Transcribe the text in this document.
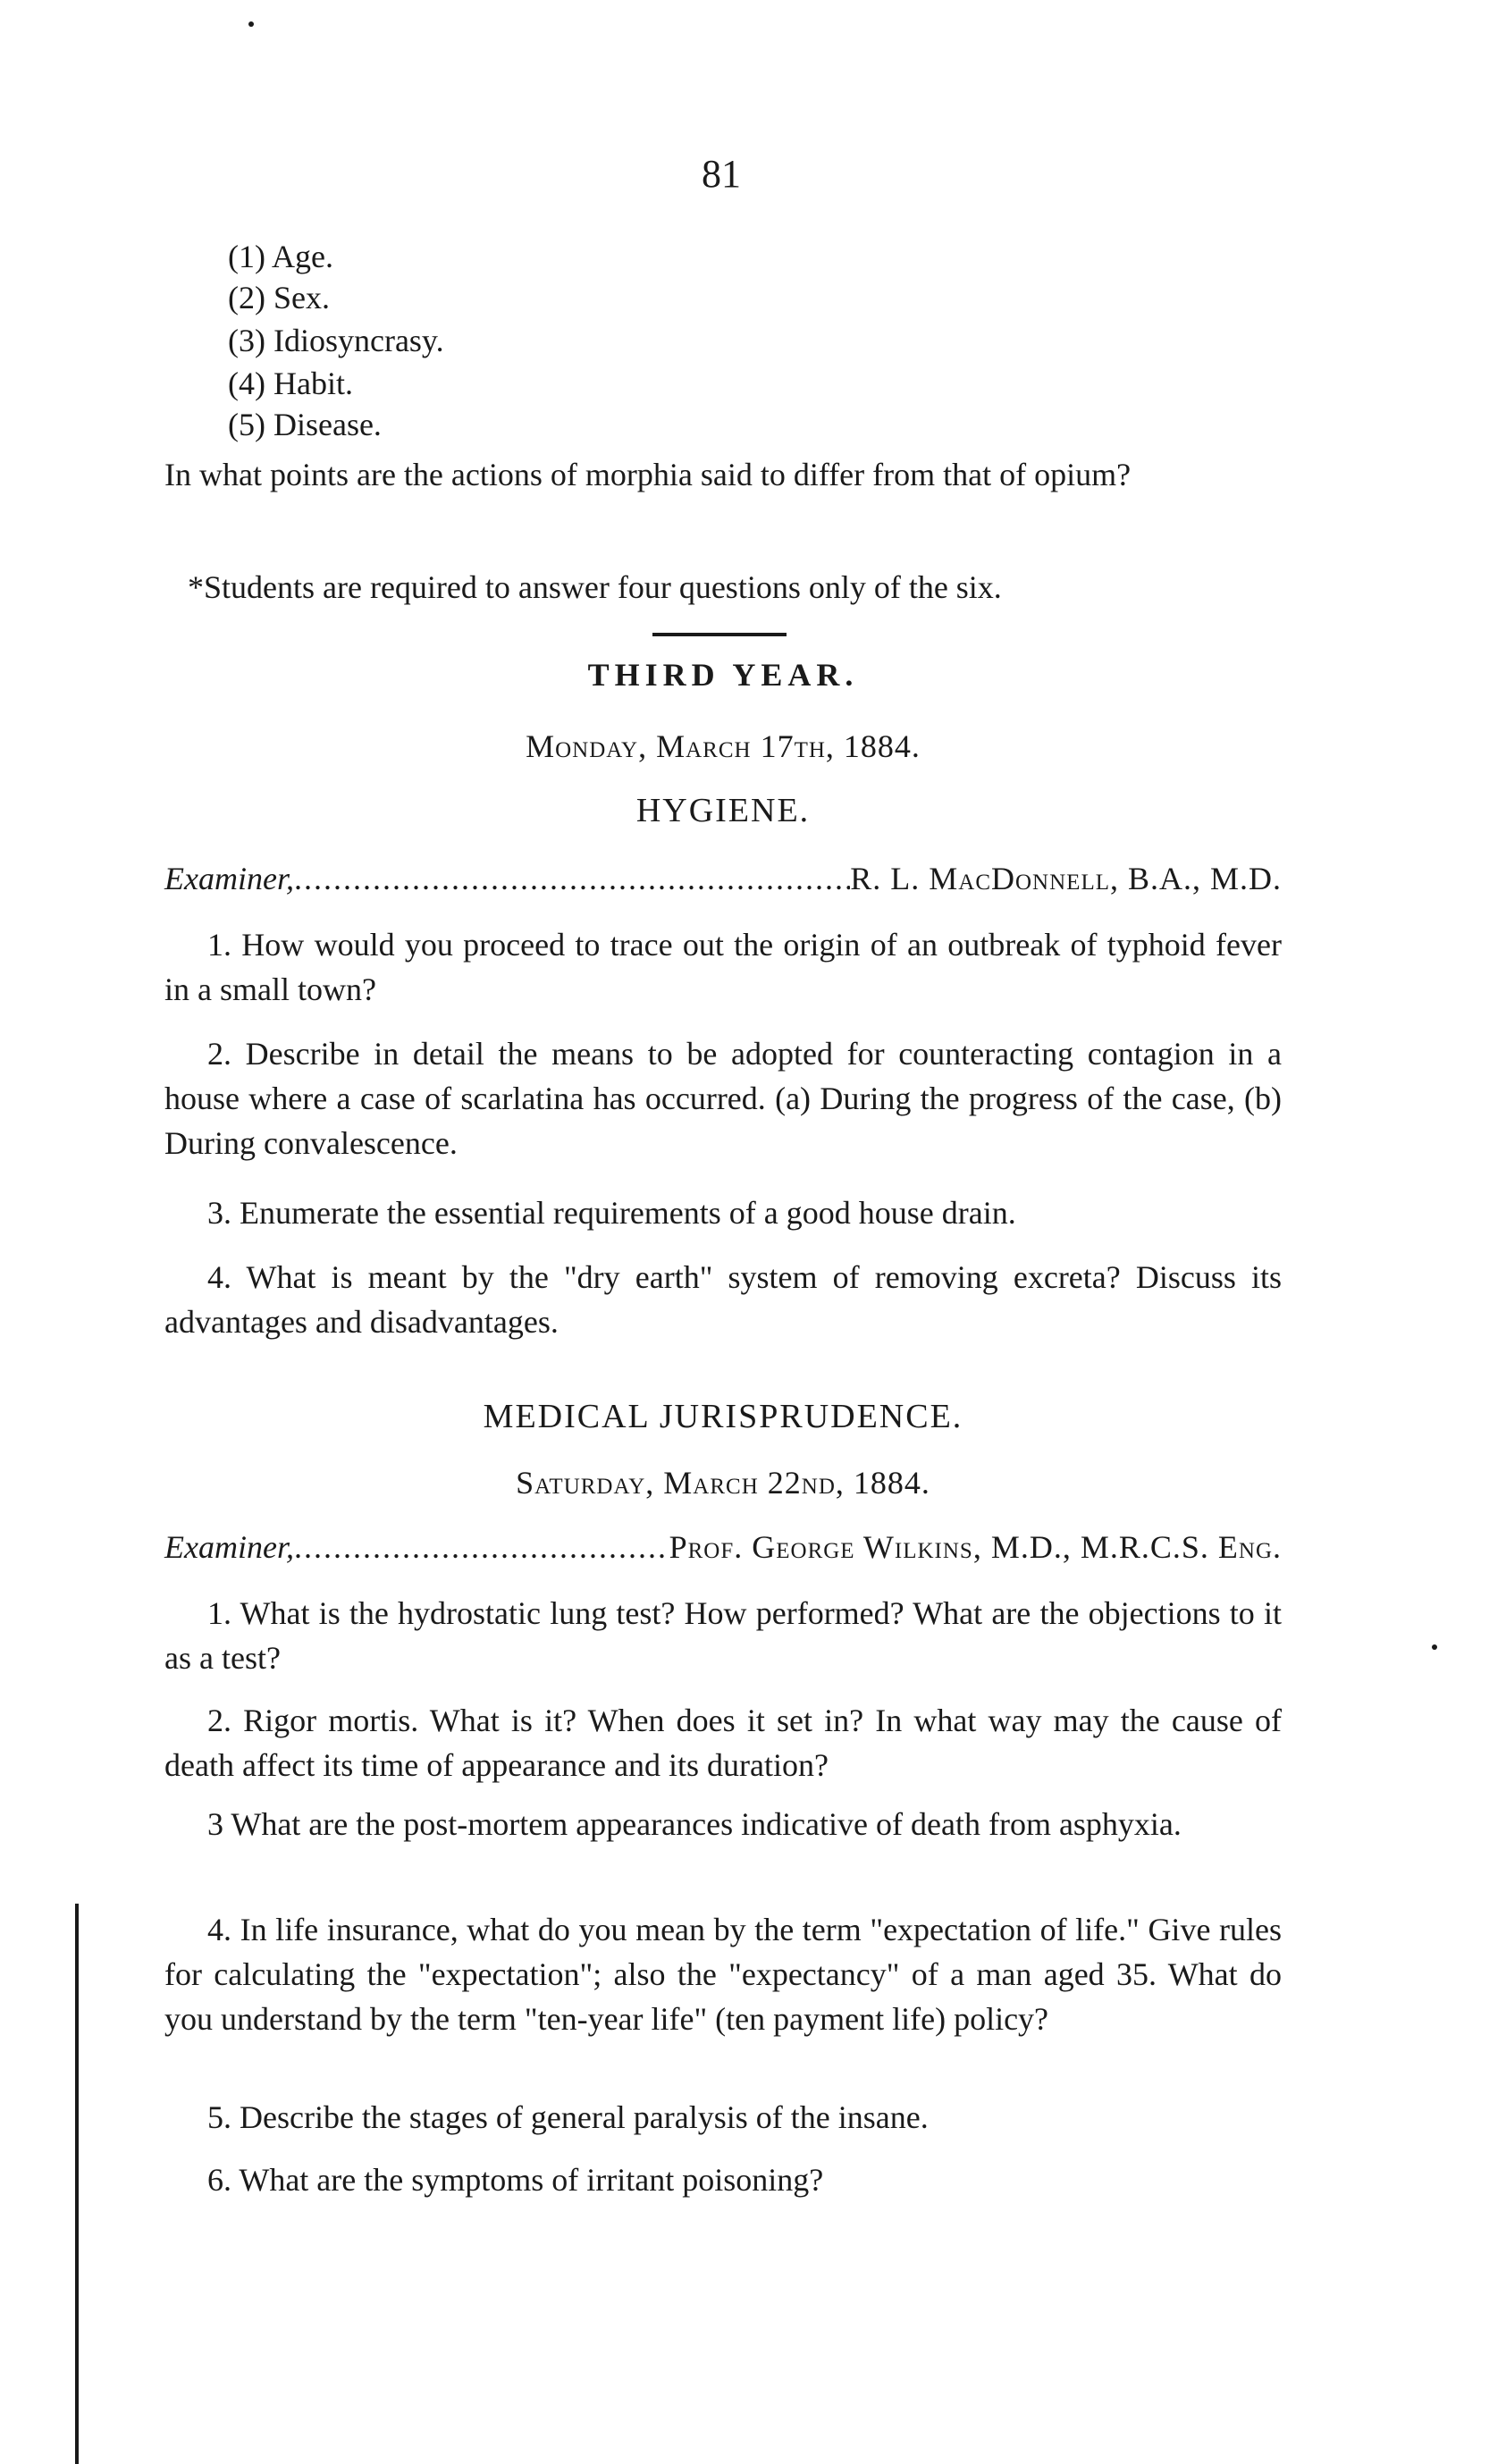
81
(1) Age.
(2) Sex.
(3) Idiosyncrasy.
(4) Habit.
(5) Disease.
In what points are the actions of morphia said to differ from that of opium?
*Students are required to answer four questions only of the six.
THIRD YEAR.
Monday, March 17th, 1884.
HYGIENE.
Examiner, .....	R. L. MacDonnell, B.A., M.D.
1. How would you proceed to trace out the origin of an outbreak of typhoid fever in a small town?
2. Describe in detail the means to be adopted for counteracting contagion in a house where a case of scarlatina has occurred. (a) During the progress of the case, (b) During convalescence.
3. Enumerate the essential requirements of a good house drain.
4. What is meant by the "dry earth" system of removing excreta? Discuss its advantages and disadvantages.
MEDICAL JURISPRUDENCE.
Saturday, March 22nd, 1884.
Examiner, .....	Prof. George Wilkins, M.D., M.R.C.S. Eng.
1. What is the hydrostatic lung test? How performed? What are the objections to it as a test?
2. Rigor mortis. What is it? When does it set in? In what way may the cause of death affect its time of appearance and its duration?
3 What are the post-mortem appearances indicative of death from asphyxia.
4. In life insurance, what do you mean by the term "expectation of life." Give rules for calculating the "expectation"; also the "expectancy" of a man aged 35. What do you understand by the term "ten-year life" (ten payment life) policy?
5. Describe the stages of general paralysis of the insane.
6. What are the symptoms of irritant poisoning?
